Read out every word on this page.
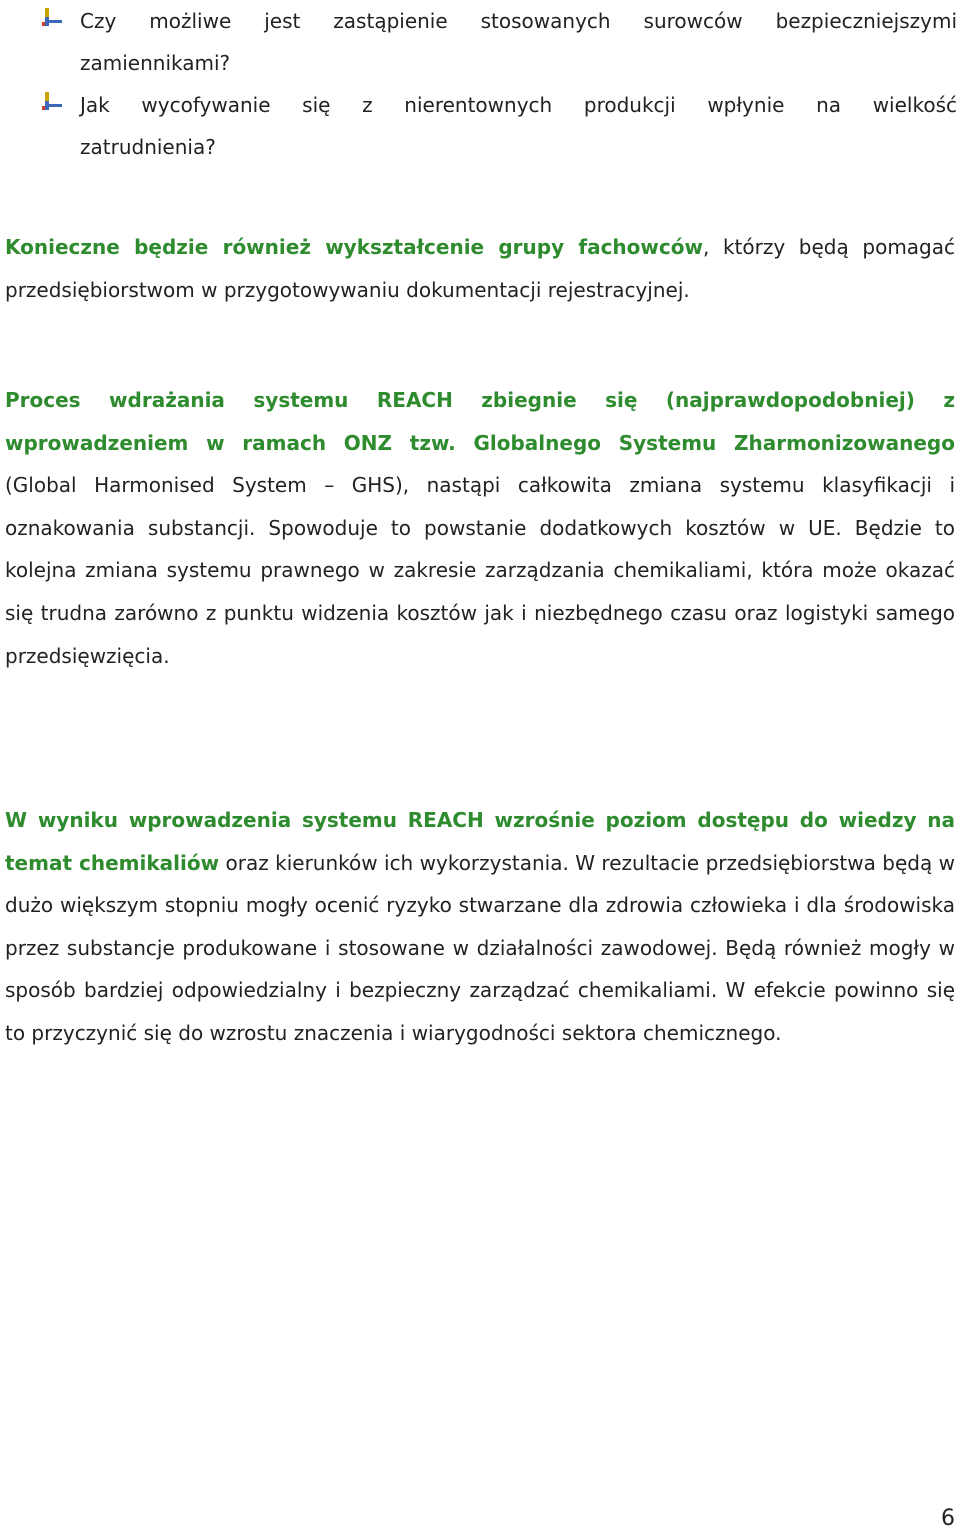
Czy możliwe jest zastąpienie stosowanych surowców bezpieczniejszymi
zamiennikami?
Jak wycofywanie się z nierentownych produkcji wpłynie na wielkość
zatrudnienia?

Konieczne będzie również wykształcenie grupy fachowców, którzy będą pomagać przedsiębiorstwom w przygotowywaniu dokumentacji rejestracyjnej.

Proces wdrażania systemu REACH zbiegnie się (najprawdopodobniej) z wprowadzeniem w ramach ONZ tzw. Globalnego Systemu Zharmonizowanego (Global Harmonised System – GHS), nastąpi całkowita zmiana systemu klasyfikacji i oznakowania substancji. Spowoduje to powstanie dodatkowych kosztów w UE. Będzie to kolejna zmiana systemu prawnego w zakresie zarządzania chemikaliami, która może okazać się trudna zarówno z punktu widzenia kosztów jak i niezbędnego czasu oraz logistyki samego przedsięwzięcia.

W wyniku wprowadzenia systemu REACH wzrośnie poziom dostępu do wiedzy na temat chemikaliów oraz kierunków ich wykorzystania. W rezultacie przedsiębiorstwa będą w dużo większym stopniu mogły ocenić ryzyko stwarzane dla zdrowia człowieka i dla środowiska przez substancje produkowane i stosowane w działalności zawodowej. Będą również mogły w sposób bardziej odpowiedzialny i bezpieczny zarządzać chemikaliami. W efekcie powinno się to przyczynić się do wzrostu znaczenia i wiarygodności sektora chemicznego.

6
